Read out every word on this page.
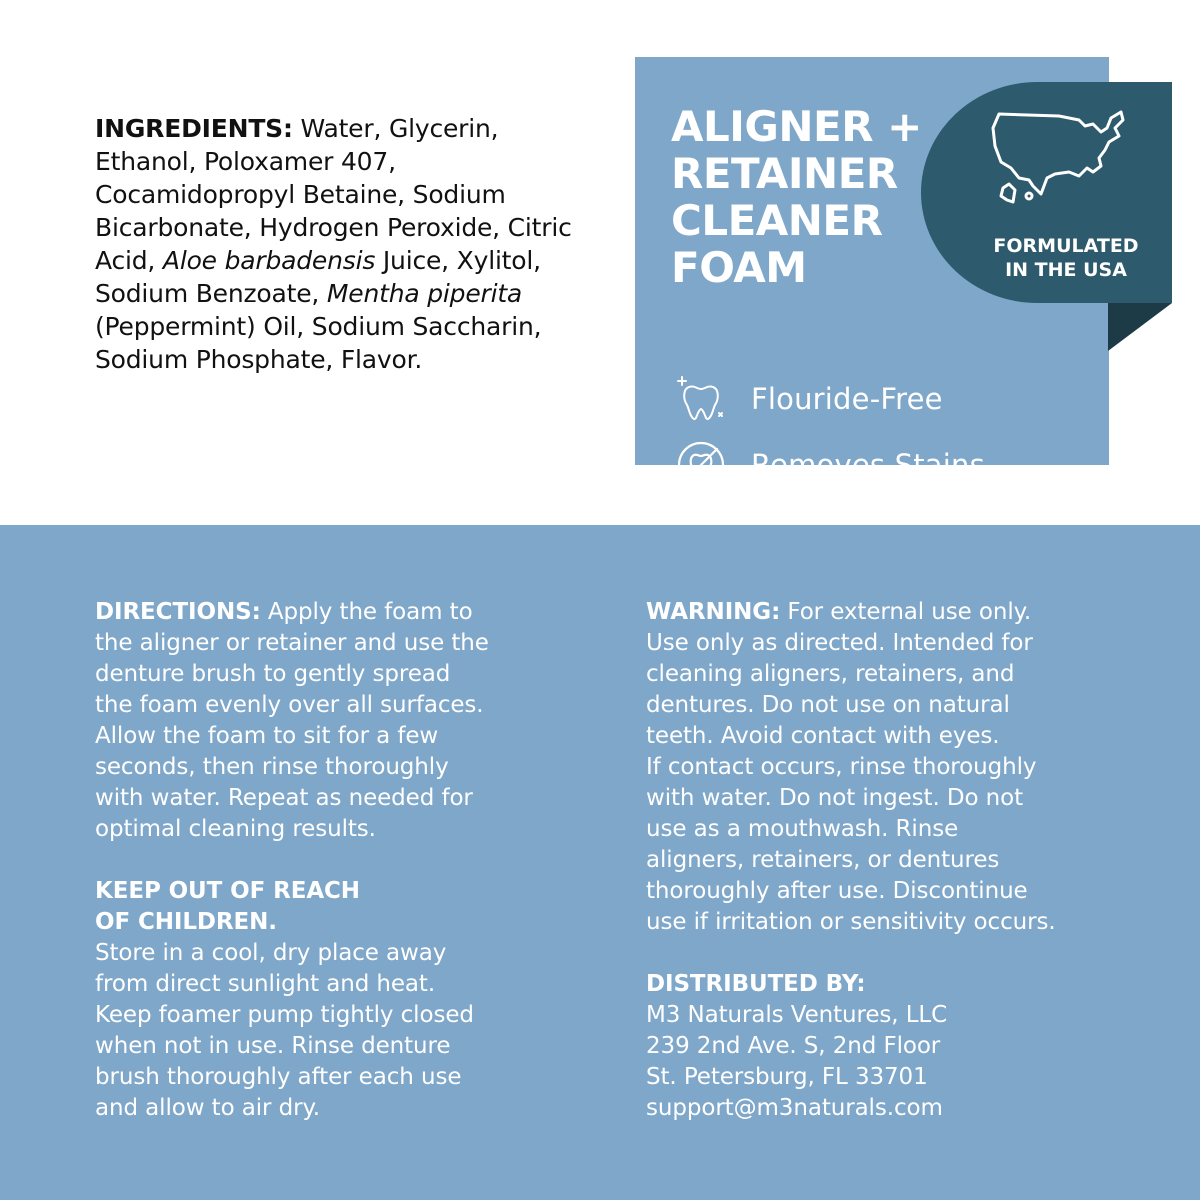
INGREDIENTS: Water, Glycerin, Ethanol, Poloxamer 407, Cocamidopropyl Betaine, Sodium Bicarbonate, Hydrogen Peroxide, Citric Acid, Aloe barbadensis Juice, Xylitol, Sodium Benzoate, Mentha piperita (Peppermint) Oil, Sodium Saccharin, Sodium Phosphate, Flavor.
ALIGNER +
RETAINER
CLEANER
FOAM
Flouride-Free
Removes Stains
FORMULATED
IN THE USA
DIRECTIONS: Apply the foam to
the aligner or retainer and use the
denture brush to gently spread
the foam evenly over all surfaces.
Allow the foam to sit for a few
seconds, then rinse thoroughly
with water. Repeat as needed for
optimal cleaning results.
KEEP OUT OF REACH
OF CHILDREN.
Store in a cool, dry place away
from direct sunlight and heat.
Keep foamer pump tightly closed
when not in use. Rinse denture
brush thoroughly after each use
and allow to air dry.
WARNING: For external use only.
Use only as directed. Intended for
cleaning aligners, retainers, and
dentures. Do not use on natural
teeth. Avoid contact with eyes.
If contact occurs, rinse thoroughly
with water. Do not ingest. Do not
use as a mouthwash. Rinse
aligners, retainers, or dentures
thoroughly after use. Discontinue
use if irritation or sensitivity occurs.
DISTRIBUTED BY:
M3 Naturals Ventures, LLC
239 2nd Ave. S, 2nd Floor
St. Petersburg, FL 33701
support@m3naturals.com
